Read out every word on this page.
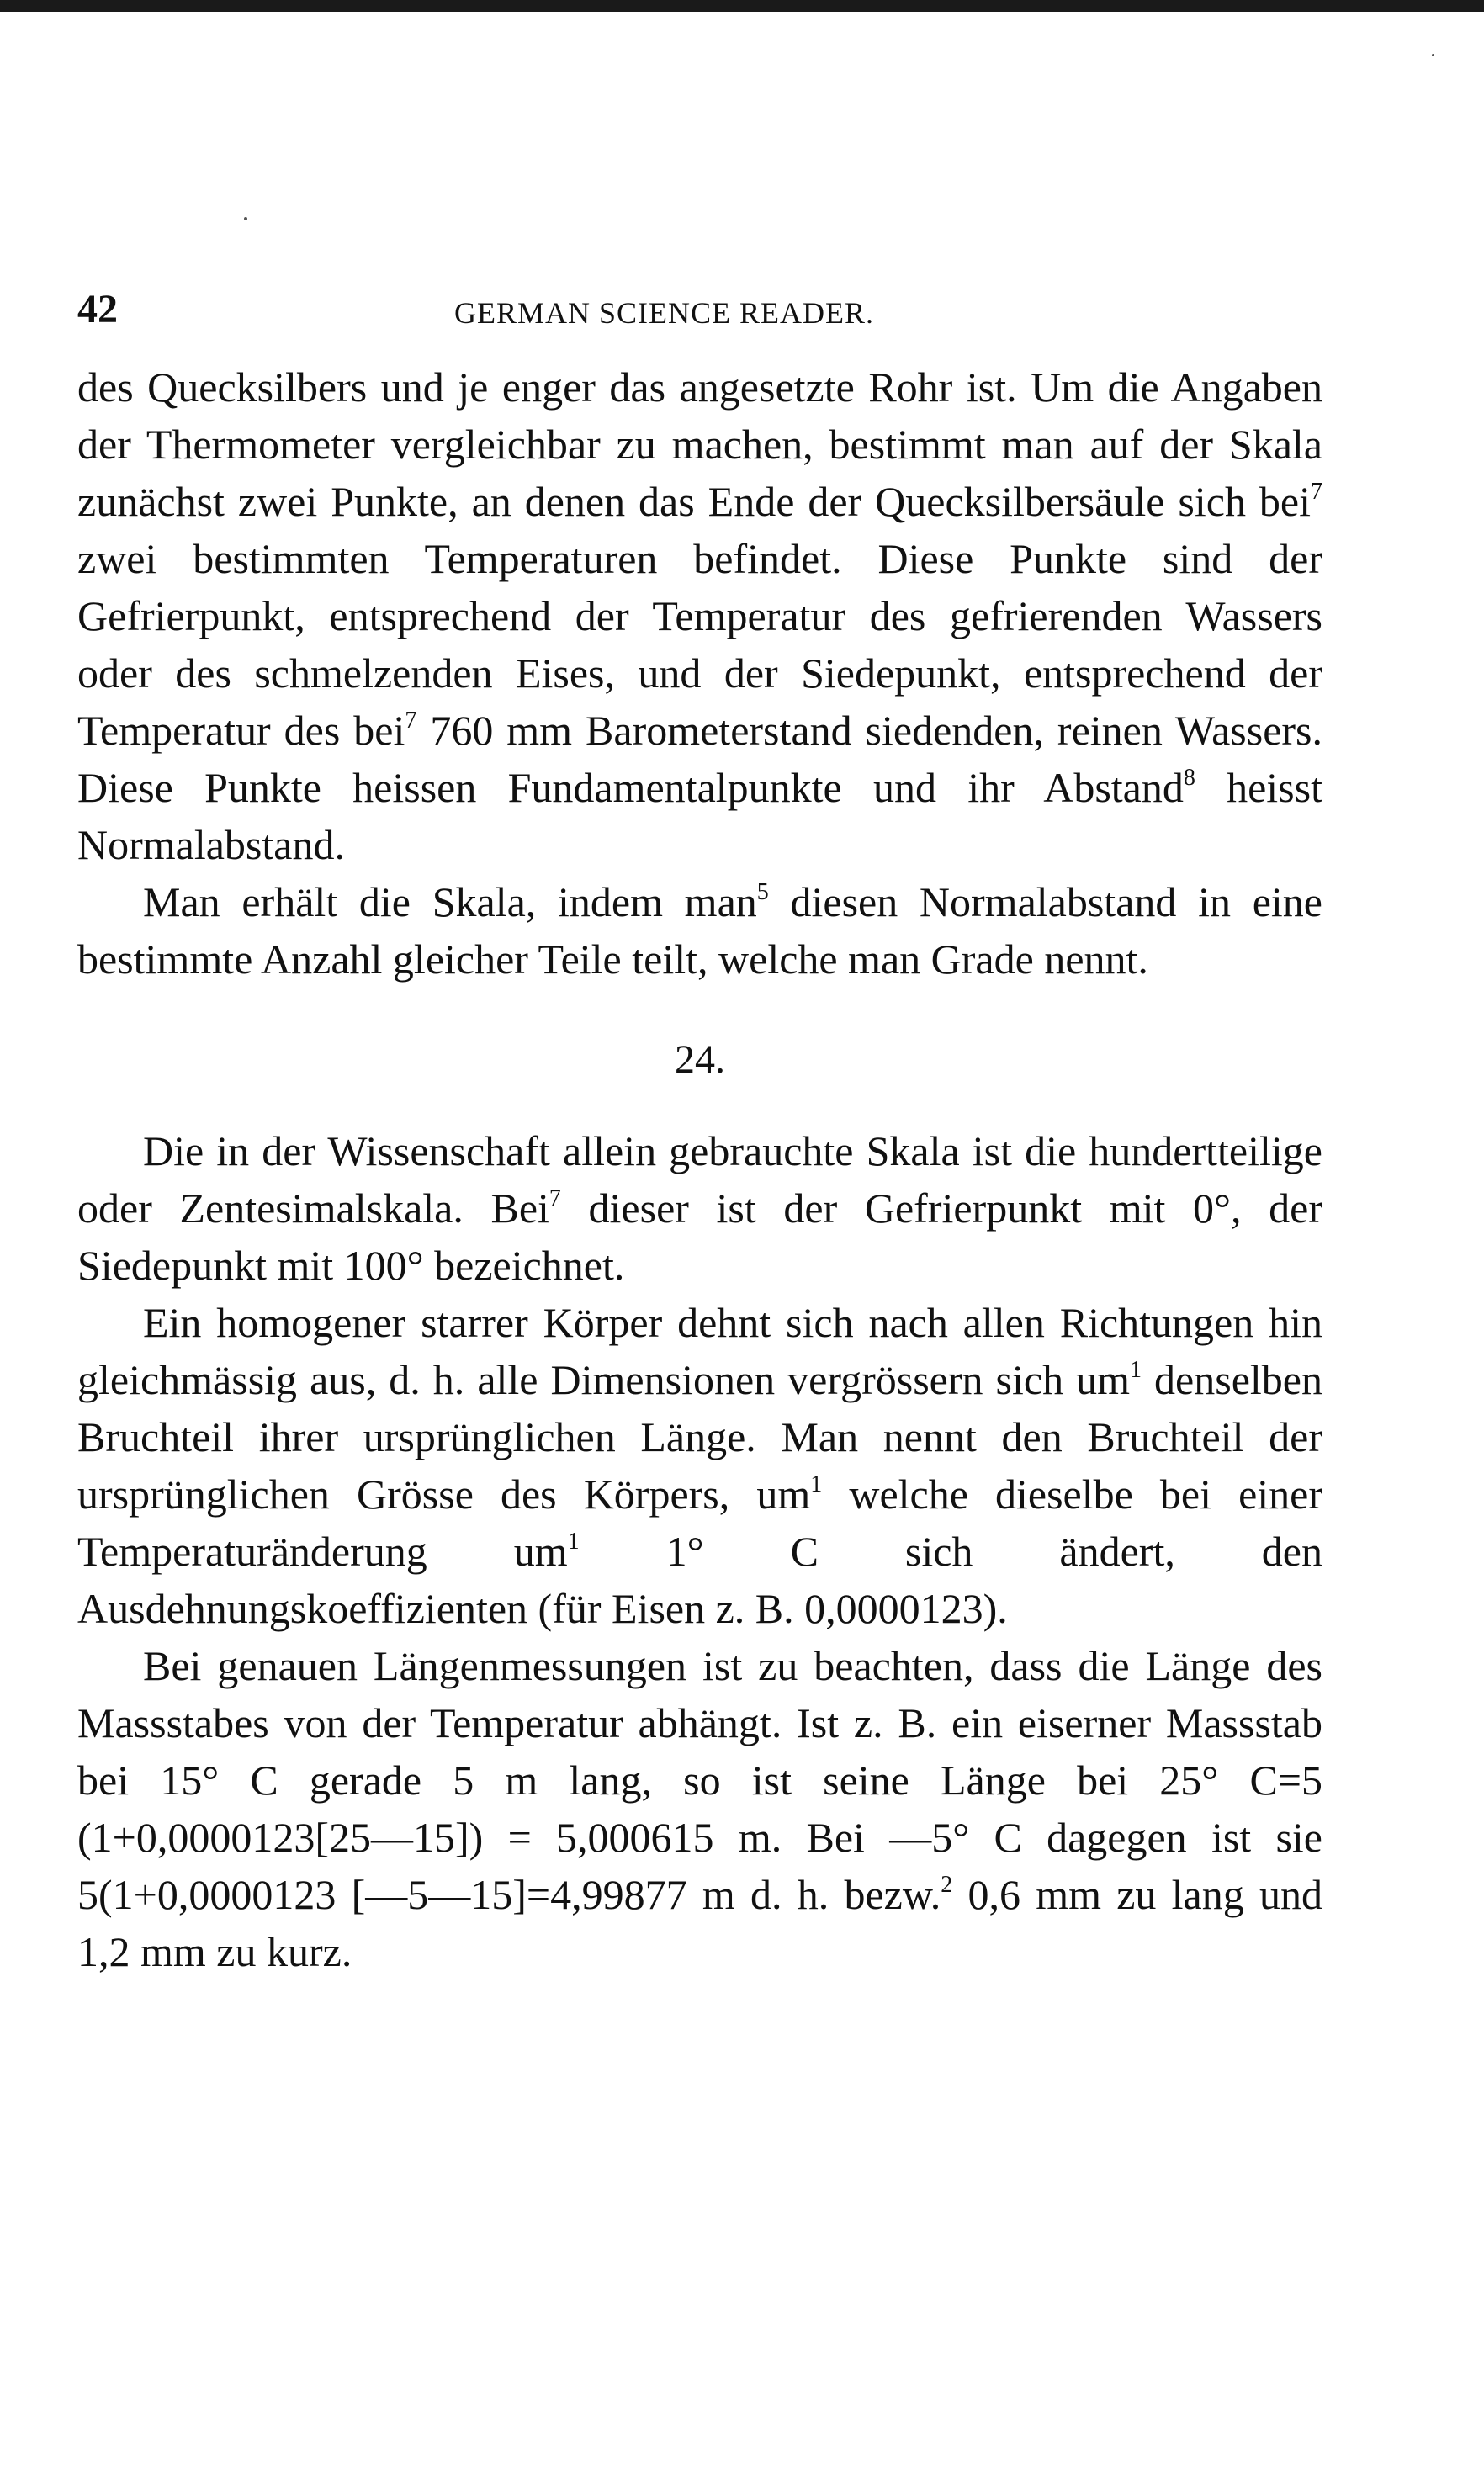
42	GERMAN SCIENCE READER.

des Quecksilbers und je enger das angesetzte Rohr ist. Um die Angaben der Thermometer vergleichbar zu machen, bestimmt man auf der Skala zunächst zwei Punkte, an denen das Ende der Quecksilbersäule sich bei$^7$ zwei bestimmten Temperaturen befindet. Diese Punkte sind der Gefrierpunkt, entsprechend der Temperatur des gefrierenden Wassers oder des schmelzenden Eises, und der Siedepunkt, entsprechend der Temperatur des bei$^7$ 760 mm Barometerstand siedenden, reinen Wassers. Diese Punkte heissen Fundamentalpunkte und ihr Abstand$^8$ heisst Normalabstand.

Man erhält die Skala, indem man$^5$ diesen Normalabstand in eine bestimmte Anzahl gleicher Teile teilt, welche man Grade nennt.

24.

Die in der Wissenschaft allein gebrauchte Skala ist die hundertteilige oder Zentesimalskala. Bei$^7$ dieser ist der Gefrierpunkt mit 0°, der Siedepunkt mit 100° bezeichnet.

Ein homogener starrer Körper dehnt sich nach allen Richtungen hin gleichmässig aus, d. h. alle Dimensionen vergrössern sich $um^1$ denselben Bruchteil ihrer ursprünglichen Länge. Man nennt den Bruchteil der ursprünglichen Grösse des Körpers, $um^1$ welche dieselbe bei einer Temperaturänderung $um^1$ 1° C sich ändert, den Ausdehnungskoeffizienten (für Eisen z. B. 0,0000123).

Bei genauen Längenmessungen ist zu beachten, dass die Länge des Massstabes von der Temperatur abhängt. Ist z. B. ein eiserner Massstab bei 15° C gerade 5 m lang, so ist seine Länge bei 25° C=5 (1+0,0000123[25—15]) = 5,000615 m. Bei —5° C dagegen ist sie 5(1+0,0000123 [—5—15]=4,99877 m d. h. bezw.$^2$ 0,6 mm zu lang und 1,2 mm zu kurz.
